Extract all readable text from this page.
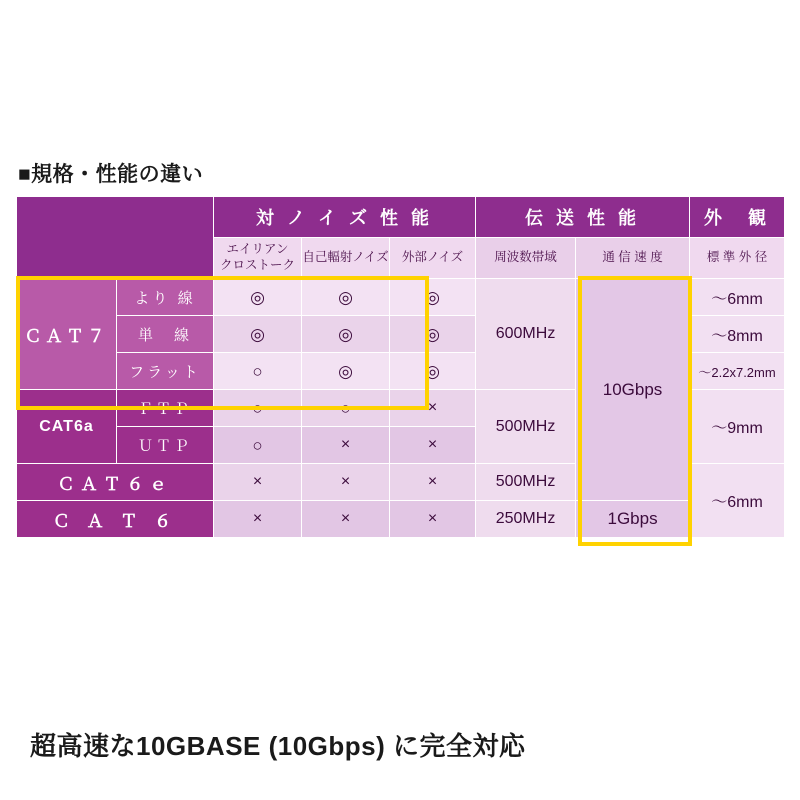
■規格・性能の違い
		対 ノ イ ズ 性 能			伝 送 性 能		外　観

		エイリアン
クロストーク	自己輻射ノイズ	外部ノイズ	周波数帯域	通 信 速 度	標 準 外 径
ＣＡＴ７	より 線	◎	◎	◎	600MHz	10Gbps	〜6mm
	単　線	◎	◎	◎			〜8mm
	フラット	○	◎	◎			〜2.2x7.2mm
CAT6a	ＦＴＰ	○	○	×	500MHz		〜9mm
	ＵＴＰ	○	×	×			
ＣＡＴ６ｅ		×	×	×	500MHz		〜6mm
Ｃ Ａ Ｔ ６		×	×	×	250MHz	1Gbps	
超高速な10GBASE (10Gbps) に完全対応
